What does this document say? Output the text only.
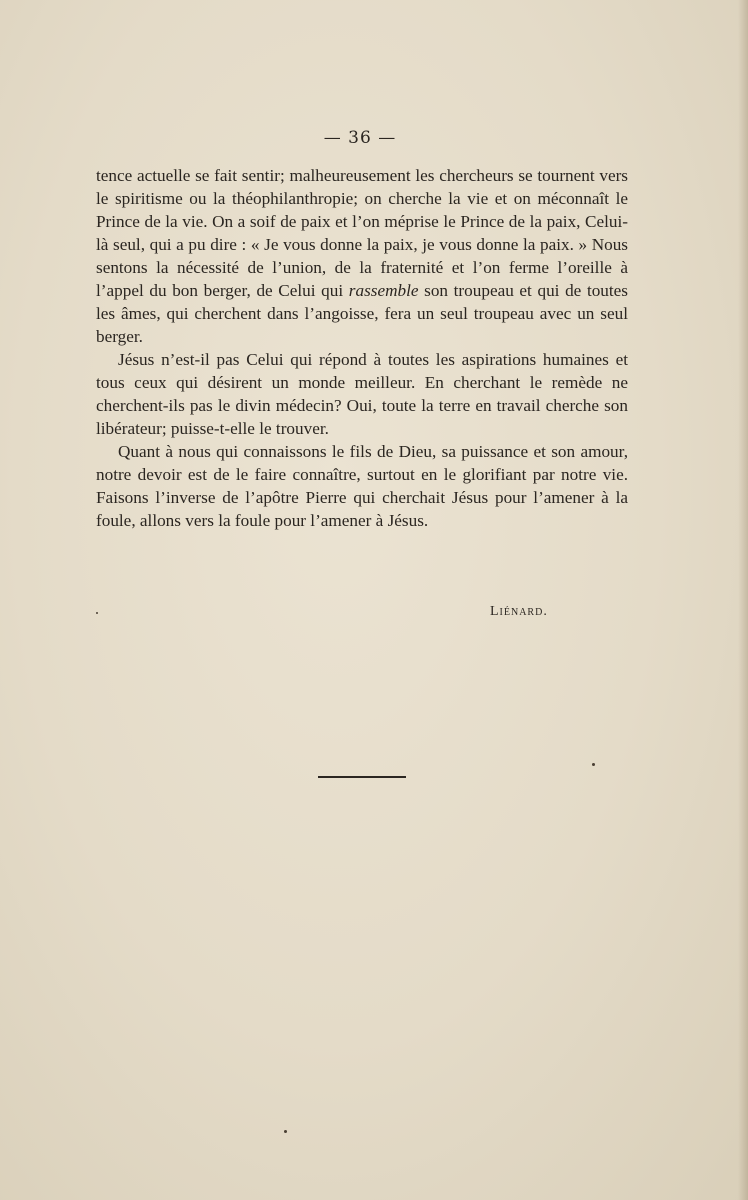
— 36 —

tence actuelle se fait sentir; malheureusement les chercheurs se tournent vers le spiritisme ou la théophilanthropie; on cherche la vie et on méconnaît le Prince de la vie. On a soif de paix et l’on méprise le Prince de la paix, Celui-là seul, qui a pu dire : « Je vous donne la paix, je vous donne la paix. » Nous sentons la nécessité de l’union, de la fraternité et l’on ferme l’oreille à l’appel du bon berger, de Celui qui rassemble son troupeau et qui de toutes les âmes, qui cherchent dans l’angoisse, fera un seul troupeau avec un seul berger.

Jésus n’est-il pas Celui qui répond à toutes les aspirations humaines et tous ceux qui désirent un monde meilleur. En cherchant le remède ne cherchent-ils pas le divin médecin? Oui, toute la terre en travail cherche son libérateur; puisse-t-elle le trouver.

Quant à nous qui connaissons le fils de Dieu, sa puissance et son amour, notre devoir est de le faire connaître, surtout en le glorifiant par notre vie. Faisons l’inverse de l’apôtre Pierre qui cherchait Jésus pour l’amener à la foule, allons vers la foule pour l’amener à Jésus.

Liénard.
